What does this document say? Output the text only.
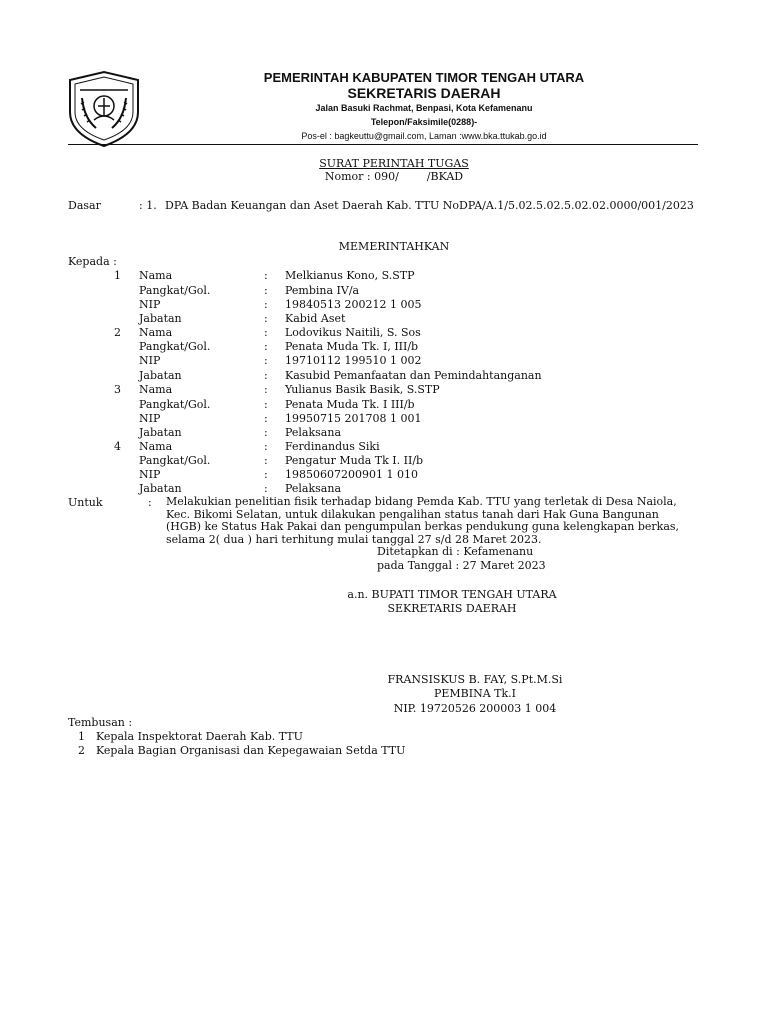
PEMERINTAH KABUPATEN TIMOR TENGAH UTARA
SEKRETARIS DAERAH
Jalan Basuki Rachmat, Benpasi, Kota Kefamenanu
Telepon/Faksimile(0288)-
Pos-el : bagkeuttu@gmail.com, Laman :www.bka.ttukab.go.id
SURAT PERINTAH TUGAS
Nomor : 090/        /BKAD
Dasar	: 1. DPA Badan Keuangan dan Aset Daerah Kab. TTU NoDPA/A.1/5.02.5.02.5.02.02.0000/001/2023
MEMERINTAHKAN
Kepada :
1 Nama	: Melkianus Kono, S.STP
Pangkat/Gol.	: Pembina IV/a
NIP	: 19840513 200212 1 005
Jabatan	: Kabid Aset
2 Nama	: Lodovikus Naitili, S. Sos
Pangkat/Gol.	: Penata Muda Tk. I, III/b
NIP	: 19710112 199510 1 002
Jabatan	: Kasubid Pemanfaatan dan Pemindahtanganan
3 Nama	: Yulianus Basik Basik, S.STP
Pangkat/Gol.	: Penata Muda Tk. I III/b
NIP	: 19950715 201708 1 001
Jabatan	: Pelaksana
4 Nama	: Ferdinandus Siki
Pangkat/Gol.	: Pengatur Muda Tk I. II/b
NIP	: 19850607200901 1 010
Jabatan	: Pelaksana
Untuk	: Melakukian penelitian fisik terhadap bidang Pemda Kab. TTU yang terletak di Desa Naiola, Kec. Bikomi Selatan, untuk dilakukan pengalihan status tanah dari Hak Guna Bangunan (HGB) ke Status Hak Pakai dan pengumpulan berkas pendukung guna kelengkapan berkas, selama 2( dua ) hari terhitung mulai tanggal 27 s/d 28 Maret 2023.
Ditetapkan di : Kefamenanu
pada Tanggal : 27 Maret 2023
a.n. BUPATI TIMOR TENGAH UTARA
SEKRETARIS DAERAH
FRANSISKUS B. FAY, S.Pt.M.Si
PEMBINA Tk.I
NIP. 19720526 200003 1 004
Tembusan :
1 Kepala Inspektorat Daerah Kab. TTU
2 Kepala Bagian Organisasi dan Kepegawaian Setda TTU
